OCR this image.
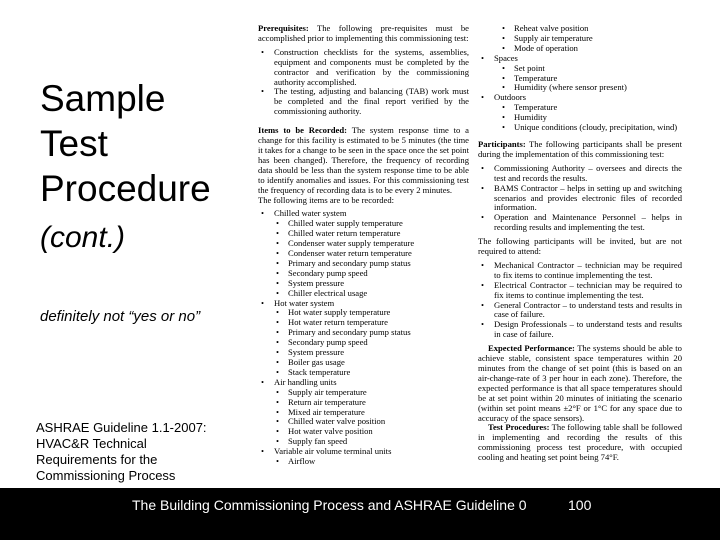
Sample
Test
Procedure
(cont.)
definitely not “yes or no”
ASHRAE Guideline 1.1-2007:
HVAC&R Technical
Requirements for the
Commissioning Process

Prerequisites: The following pre-requisites must be accomplished prior to implementing this commissioning test:

• Construction checklists for the systems, assemblies, equipment and components must be completed by the contractor and verification by the commissioning authority accomplished.
• The testing, adjusting and balancing (TAB) work must be completed and the final report verified by the commissioning authority.

Items to be Recorded: The system response time to a change for this facility is estimated to be 5 minutes (the time it takes for a change to be seen in the space once the set point has been changed). Therefore, the frequency of recording data should be less than the system response time to be able to identify anomalies and issues. For this commissioning test the frequency of recording data is to be every 2 minutes.

The following items are to be recorded:

• Chilled water system
• Chilled water supply temperature
• Chilled water return temperature
• Condenser water supply temperature
• Condenser water return temperature
• Primary and secondary pump status
• Secondary pump speed
• System pressure
• Chiller electrical usage
• Hot water system
• Hot water supply temperature
• Hot water return temperature
• Primary and secondary pump status
• Secondary pump speed
• System pressure
• Boiler gas usage
• Stack temperature
• Air handling units
• Supply air temperature
• Return air temperature
• Mixed air temperature
• Chilled water valve position
• Hot water valve position
• Supply fan speed
• Variable air volume terminal units
• Airflow
• Reheat valve position
• Supply air temperature
• Mode of operation
• Spaces
• Set point
• Temperature
• Humidity (where sensor present)
• Outdoors
• Temperature
• Humidity
• Unique conditions (cloudy, precipitation, wind)

Participants: The following participants shall be present during the implementation of this commissioning test:

• Commissioning Authority – oversees and directs the test and records the results.
• BAMS Contractor – helps in setting up and switching scenarios and provides electronic files of recorded information.
• Operation and Maintenance Personnel – helps in recording results and implementing the test.

The following participants will be invited, but are not required to attend:

• Mechanical Contractor – technician may be required to fix items to continue implementing the test.
• Electrical Contractor – technician may be required to fix items to continue implementing the test.
• General Contractor – to understand tests and results in case of failure.
• Design Professionals – to understand tests and results in case of failure.

Expected Performance: The systems should be able to achieve stable, consistent space temperatures within 20 minutes from the change of set point (this is based on an air-change-rate of 3 per hour in each zone). Therefore, the expected performance is that all space temperatures should be at set point within 20 minutes of initiating the scenario (within set point means ±2°F or 1°C for any space due to accuracy of the space sensors).

Test Procedures: The following table shall be followed in implementing and recording the results of this commissioning process test procedure, with occupied cooling and heating set point being 74°F.

The Building Commissioning Process and ASHRAE Guideline 0	100
